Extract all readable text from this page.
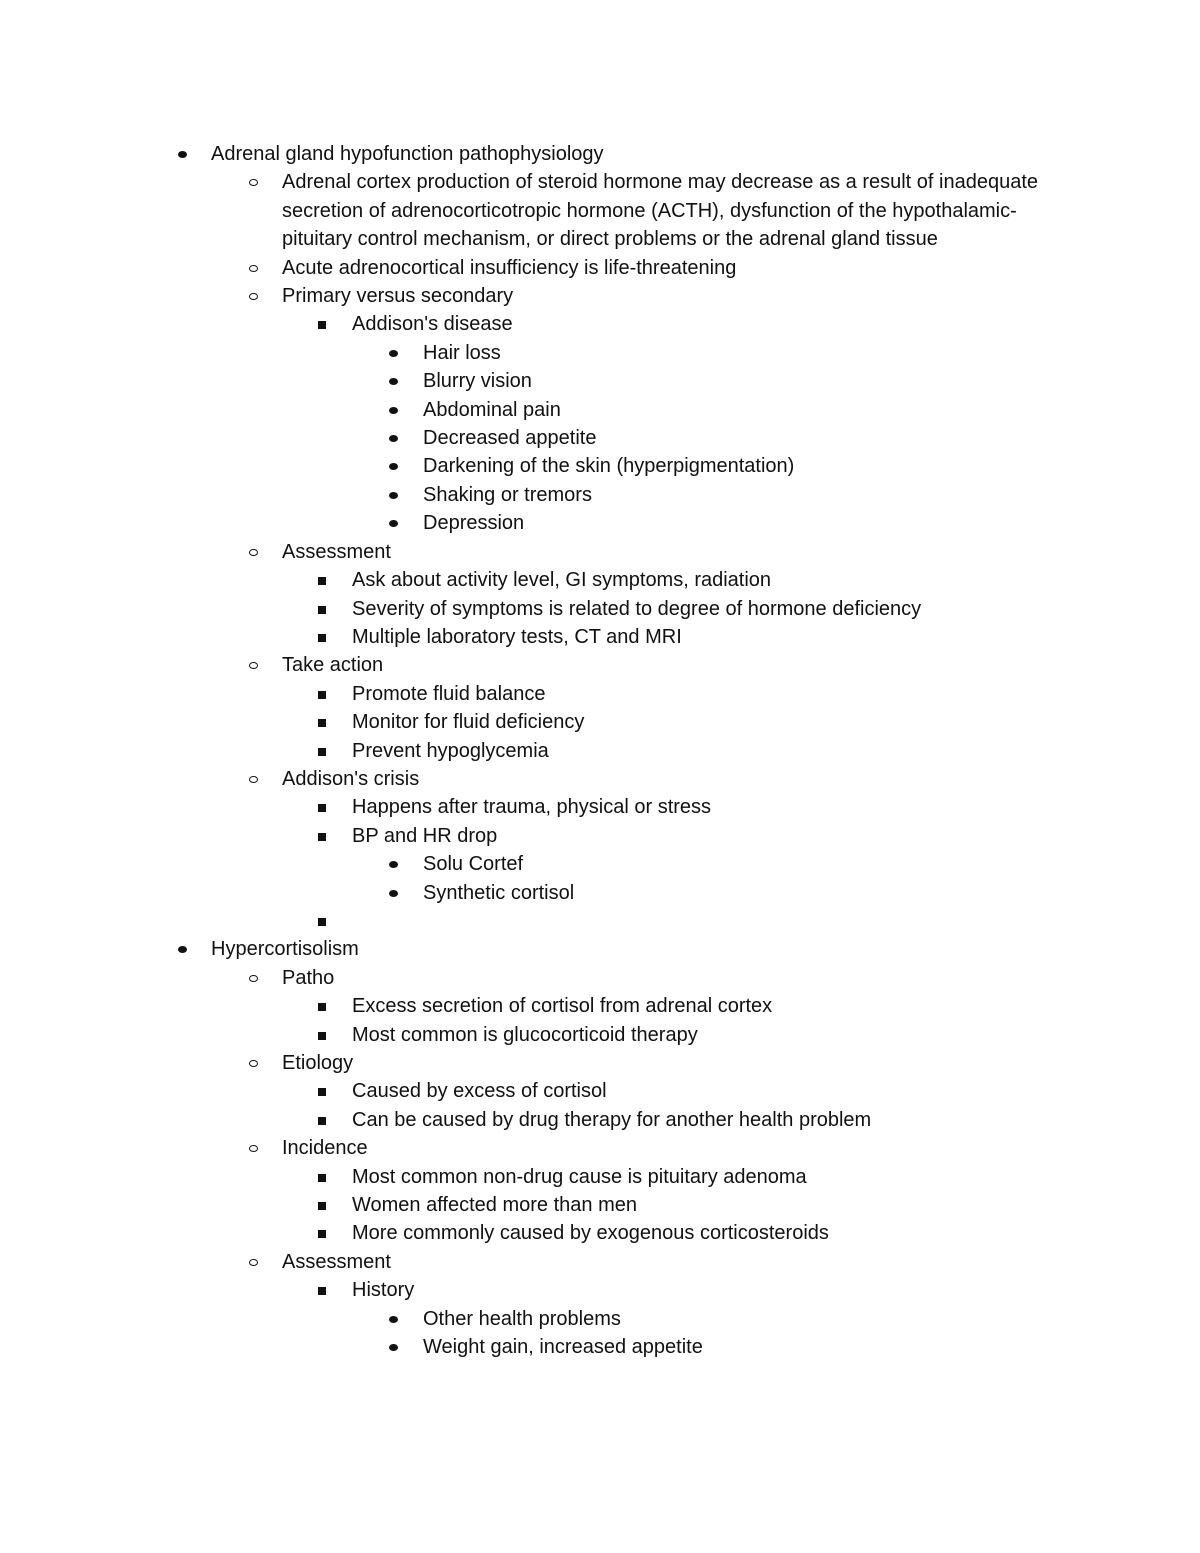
Adrenal gland hypofunction pathophysiology
Adrenal cortex production of steroid hormone may decrease as a result of inadequate secretion of adrenocorticotropic hormone (ACTH), dysfunction of the hypothalamic-pituitary control mechanism, or direct problems or the adrenal gland tissue
Acute adrenocortical insufficiency is life-threatening
Primary versus secondary
Addison's disease
Hair loss
Blurry vision
Abdominal pain
Decreased appetite
Darkening of the skin (hyperpigmentation)
Shaking or tremors
Depression
Assessment
Ask about activity level, GI symptoms, radiation
Severity of symptoms is related to degree of hormone deficiency
Multiple laboratory tests, CT and MRI
Take action
Promote fluid balance
Monitor for fluid deficiency
Prevent hypoglycemia
Addison's crisis
Happens after trauma, physical or stress
BP and HR drop
Solu Cortef
Synthetic cortisol

Hypercortisolism
Patho
Excess secretion of cortisol from adrenal cortex
Most common is glucocorticoid therapy
Etiology
Caused by excess of cortisol
Can be caused by drug therapy for another health problem
Incidence
Most common non-drug cause is pituitary adenoma
Women affected more than men
More commonly caused by exogenous corticosteroids
Assessment
History
Other health problems
Weight gain, increased appetite
